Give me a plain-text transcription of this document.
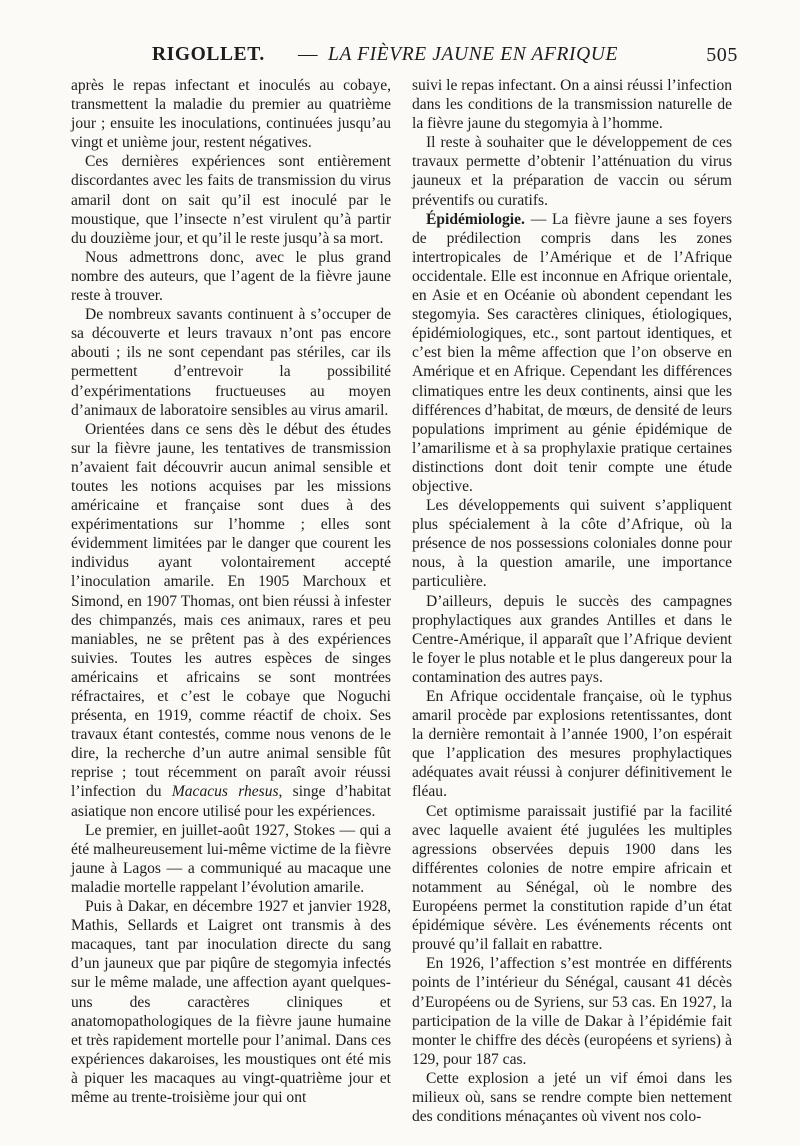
RIGOLLET. — LA FIÈVRE JAUNE EN AFRIQUE	505

après le repas infectant et inoculés au cobaye, transmettent la maladie du premier au quatrième jour ; ensuite les inoculations, continuées jusqu’au vingt et unième jour, restent négatives.

Ces dernières expériences sont entièrement discordantes avec les faits de transmission du virus amaril dont on sait qu’il est inoculé par le moustique, que l’insecte n’est virulent qu’à partir du douzième jour, et qu’il le reste jusqu’à sa mort.

Nous admettrons donc, avec le plus grand nombre des auteurs, que l’agent de la fièvre jaune reste à trouver.

De nombreux savants continuent à s’occuper de sa découverte et leurs travaux n’ont pas encore abouti ; ils ne sont cependant pas stériles, car ils permettent d’entrevoir la possibilité d’expérimentations fructueuses au moyen d’animaux de laboratoire sensibles au virus amaril.

Orientées dans ce sens dès le début des études sur la fièvre jaune, les tentatives de transmission n’avaient fait découvrir aucun animal sensible et toutes les notions acquises par les missions américaine et française sont dues à des expérimentations sur l’homme ; elles sont évidemment limitées par le danger que courent les individus ayant volontairement accepté l’inoculation amarile. En 1905 Marchoux et Simond, en 1907 Thomas, ont bien réussi à infester des chimpanzés, mais ces animaux, rares et peu maniables, ne se prêtent pas à des expériences suivies. Toutes les autres espèces de singes américains et africains se sont montrées réfractaires, et c’est le cobaye que Noguchi présenta, en 1919, comme réactif de choix. Ses travaux étant contestés, comme nous venons de le dire, la recherche d’un autre animal sensible fût reprise ; tout récemment on paraît avoir réussi l’infection du Macacus rhesus, singe d’habitat asiatique non encore utilisé pour les expériences.

Le premier, en juillet-août 1927, Stokes — qui a été malheureusement lui-même victime de la fièvre jaune à Lagos — a communiqué au macaque une maladie mortelle rappelant l’évolution amarile.

Puis à Dakar, en décembre 1927 et janvier 1928, Mathis, Sellards et Laigret ont transmis à des macaques, tant par inoculation directe du sang d’un jauneux que par piqûre de stegomyia infectés sur le même malade, une affection ayant quelques-uns des caractères cliniques et anatomopathologiques de la fièvre jaune humaine et très rapidement mortelle pour l’animal. Dans ces expériences dakaroises, les moustiques ont été mis à piquer les macaques au vingt-quatrième jour et même au trente-troisième jour qui ont

suivi le repas infectant. On a ainsi réussi l’infection dans les conditions de la transmission naturelle de la fièvre jaune du stegomyia à l’homme.

Il reste à souhaiter que le développement de ces travaux permette d’obtenir l’atténuation du virus jauneux et la préparation de vaccin ou sérum préventifs ou curatifs.

Épidémiologie. — La fièvre jaune a ses foyers de prédilection compris dans les zones intertropicales de l’Amérique et de l’Afrique occidentale. Elle est inconnue en Afrique orientale, en Asie et en Océanie où abondent cependant les stegomyia. Ses caractères cliniques, étiologiques, épidémiologiques, etc., sont partout identiques, et c’est bien la même affection que l’on observe en Amérique et en Afrique. Cependant les différences climatiques entre les deux continents, ainsi que les différences d’habitat, de mœurs, de densité de leurs populations impriment au génie épidémique de l’amarilisme et à sa prophylaxie pratique certaines distinctions dont doit tenir compte une étude objective.

Les développements qui suivent s’appliquent plus spécialement à la côte d’Afrique, où la présence de nos possessions coloniales donne pour nous, à la question amarile, une importance particulière.

D’ailleurs, depuis le succès des campagnes prophylactiques aux grandes Antilles et dans le Centre-Amérique, il apparaît que l’Afrique devient le foyer le plus notable et le plus dangereux pour la contamination des autres pays.

En Afrique occidentale française, où le typhus amaril procède par explosions retentissantes, dont la dernière remontait à l’année 1900, l’on espérait que l’application des mesures prophylactiques adéquates avait réussi à conjurer définitivement le fléau.

Cet optimisme paraissait justifié par la facilité avec laquelle avaient été jugulées les multiples agressions observées depuis 1900 dans les différentes colonies de notre empire africain et notamment au Sénégal, où le nombre des Européens permet la constitution rapide d’un état épidémique sévère. Les événements récents ont prouvé qu’il fallait en rabattre.

En 1926, l’affection s’est montrée en différents points de l’intérieur du Sénégal, causant 41 décès d’Européens ou de Syriens, sur 53 cas. En 1927, la participation de la ville de Dakar à l’épidémie fait monter le chiffre des décès (européens et syriens) à 129, pour 187 cas.

Cette explosion a jeté un vif émoi dans les milieux où, sans se rendre compte bien nettement des conditions ménaçantes où vivent nos colo-
